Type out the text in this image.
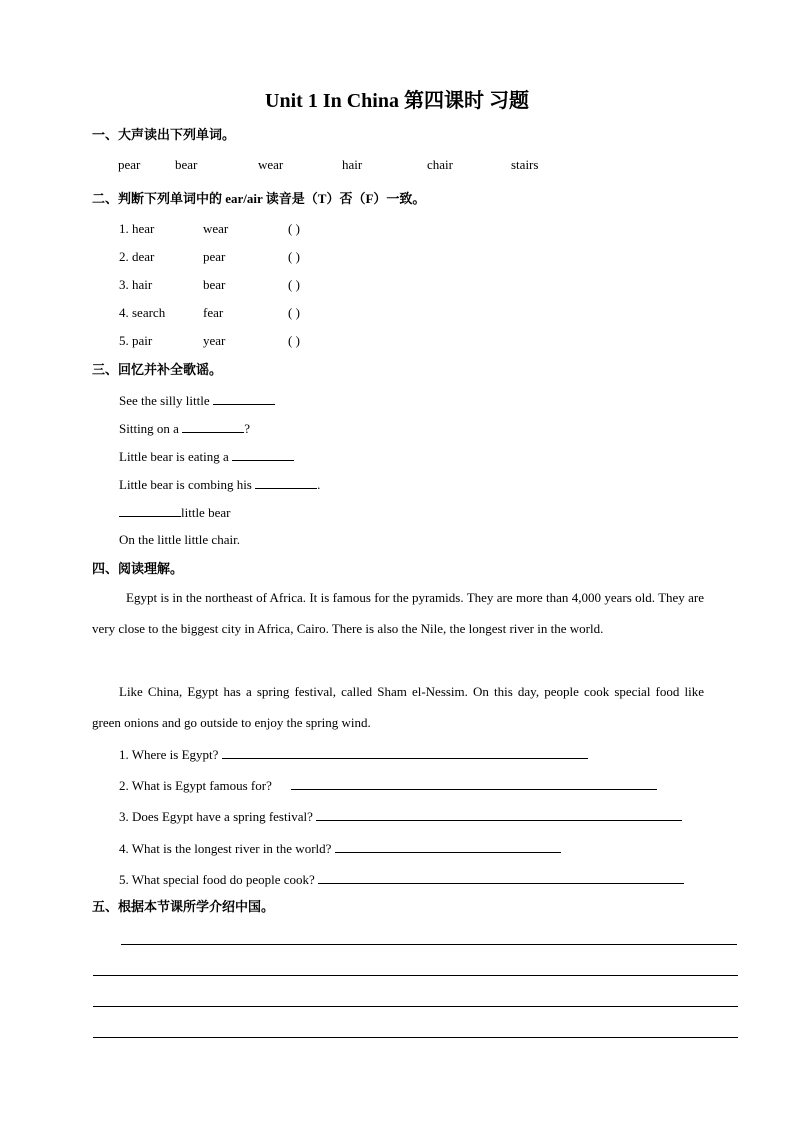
Unit 1 In China 第四课时 习题
一、大声读出下列单词。
pear	bear	wear	hair	chair	stairs
二、判断下列单词中的 ear/air 读音是（T）否（F）一致。
1. hear	wear	( )
2. dear	pear	( )
3. hair	bear	( )
4. search	fear	( )
5. pair	year	( )
三、回忆并补全歌谣。
See the silly little
Sitting on a	?
Little bear is eating a
Little bear is combing his	.
little bear
On the little little chair.
四、阅读理解。
Egypt is in the northeast of Africa. It is famous for the pyramids. They are more than 4,000 years old. They are very close to the biggest city in Africa, Cairo. There is also the Nile, the longest river in the world.
Like China, Egypt has a spring festival, called Sham el-Nessim. On this day, people cook special food like green onions and go outside to enjoy the spring wind.
1. Where is Egypt?
2. What is Egypt famous for?
3. Does Egypt have a spring festival?
4. What is the longest river in the world?
5. What special food do people cook?
五、根据本节课所学介绍中国。
